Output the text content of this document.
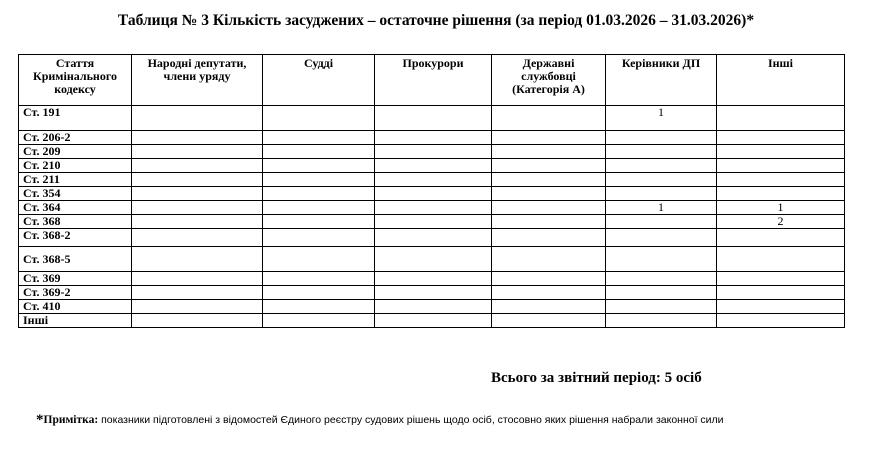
Таблиця № 3 Кількість засуджених – остаточне рішення (за період 01.03.2026 – 31.03.2026)*
Стаття Кримінального кодексу	Народні депутати, члени уряду	Судді	Прокурори	Державні службовці (Категорія А)	Керівники ДП	Інші
Ст. 191					1	
Ст. 206-2						
Ст. 209						
Ст. 210						
Ст. 211						
Ст. 354						
Ст. 364					1	1
Ст. 368						2
Ст. 368-2						
Ст. 368-5						
Ст. 369						
Ст. 369-2						
Ст. 410						
Інші						
Всього за звітний період: 5 осіб
*Примітка: показники підготовлені з відомостей Єдиного реєстру судових рішень щодо осіб, стосовно яких рішення набрали законної сили
